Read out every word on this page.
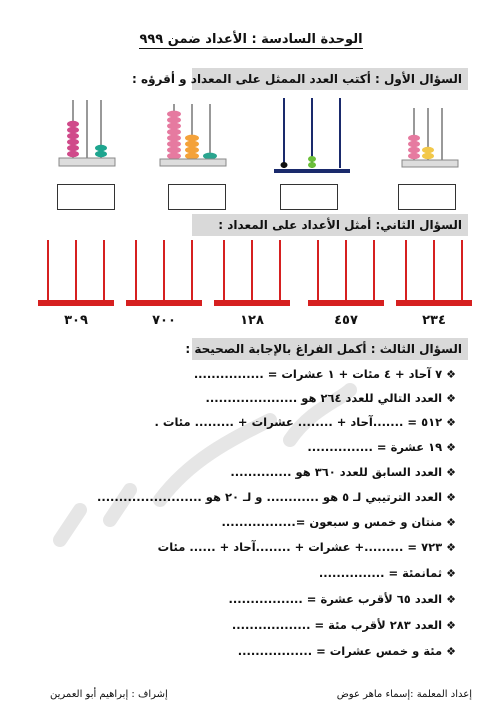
الوحدة السادسة : الأعداد ضمن ٩٩٩
السؤال الأول : أكتب العدد الممثل على المعداد و أقرؤه :
السؤال الثاني: أمثل الأعداد على المعداد :
٣٠٩	٧٠٠	١٢٨	٤٥٧	٢٣٤
السؤال الثالث : أكمل الفراغ بالإجابة الصحيحة :
❖٧ آحاد + ٤ مئات + ١ عشرات = ................
❖العدد التالي للعدد ٢٦٤ هو .....................
❖٥١٢ = .......آحاد + ........ عشرات + ......... مئات .
❖١٩ عشرة = ...............
❖العدد السابق للعدد ٣٦٠ هو ..............
❖العدد الترتيبي لـ ٥ هو ............ و لـ ٢٠ هو ........................
❖منتان و خمس و سبعون =.................
❖٧٢٣ = .........+ عشرات + ........آحاد + ...... مئات
❖ثمانمئة = ...............
❖العدد ٦٥ لأقرب عشرة = .................
❖العدد ٢٨٣ لأقرب مئة = ..................
❖مئة و خمس عشرات = .................
إعداد المعلمة :إسماء ماهر عوض
إشراف : إبراهيم أبو العمرين
